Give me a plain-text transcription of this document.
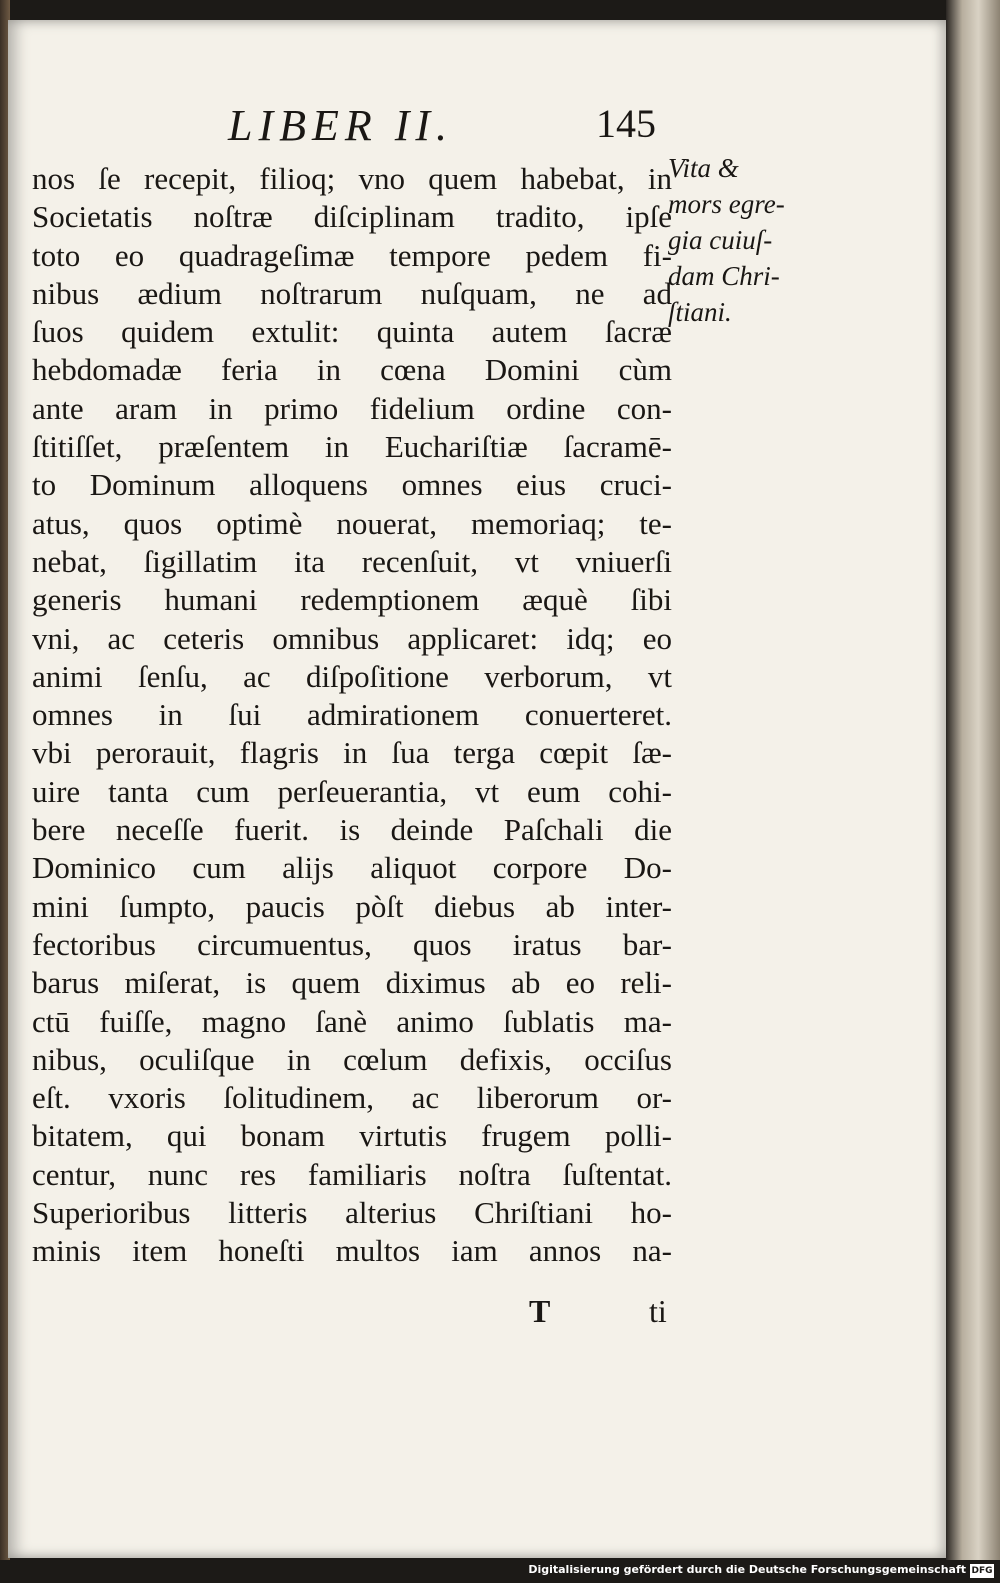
LIBER II.	145
nos ſe recepit, filioq; vno quem habebat, in
Societatis noſtræ diſciplinam tradito, ipſe
toto eo quadrageſimæ tempore pedem fi-
nibus ædium noſtrarum nuſquam, ne ad
ſuos quidem extulit: quinta autem ſacræ
hebdomadæ feria in cœna Domini cùm
ante aram in primo fidelium ordine con-
ſtitiſſet, præſentem in Euchariſtiæ ſacramē-
to Dominum alloquens omnes eius cruci-
atus, quos optimè nouerat, memoriaq; te-
nebat, ſigillatim ita recenſuit, vt vniuerſi
generis humani redemptionem æquè ſibi
vni, ac ceteris omnibus applicaret: idq; eo
animi ſenſu, ac diſpoſitione verborum, vt
omnes in ſui admirationem conuerteret.
vbi perorauit, flagris in ſua terga cœpit ſæ-
uire tanta cum perſeuerantia, vt eum cohi-
bere neceſſe fuerit. is deinde Paſchali die
Dominico cum alijs aliquot corpore Do-
mini ſumpto, paucis pòſt diebus ab inter-
fectoribus circumuentus, quos iratus bar-
barus miſerat, is quem diximus ab eo reli-
ctū fuiſſe, magno ſanè animo ſublatis ma-
nibus, oculiſque in cœlum defixis, occiſus
eſt. vxoris ſolitudinem, ac liberorum or-
bitatem, qui bonam virtutis frugem polli-
centur, nunc res familiaris noſtra ſuſtentat.
Superioribus litteris alterius Chriſtiani ho-
minis item honeſti multos iam annos na-
T	ti
Vita &
mors egre-
gia cuiuſ-
dam Chri-
ſtiani.
Digitalisierung gefördert durch die Deutsche Forschungsgemeinschaft DFG
